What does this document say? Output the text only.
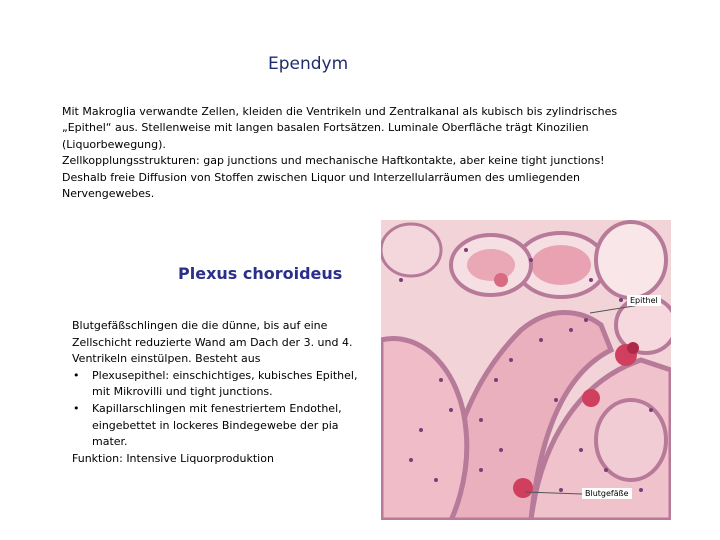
Ependym
Mit Makroglia verwandte Zellen, kleiden die Ventrikeln und Zentralkanal als kubisch bis zylindrisches
„Epithel“ aus. Stellenweise mit langen basalen Fortsätzen. Luminale Oberfläche trägt Kinozilien
(Liquorbewegung).
Zellkopplungsstrukturen: gap junctions und mechanische Haftkontakte, aber keine tight junctions!
Deshalb freie Diffusion von Stoffen zwischen Liquor und Interzellularräumen des umliegenden
Nervengewebes.
Plexus choroideus
Blutgefäßschlingen die die dünne, bis auf eine
Zellschicht reduzierte Wand am Dach der 3. und 4.
Ventrikeln einstülpen. Besteht aus
• Plexusepithel: einschichtiges, kubisches Epithel,
mit Mikrovilli und tight junctions.
• Kapillarschlingen mit fenestriertem Endothel,
eingebettet in lockeres Bindegewebe der pia
mater.
Funktion: Intensive Liquorproduktion
Epithel
Blutgefäße
